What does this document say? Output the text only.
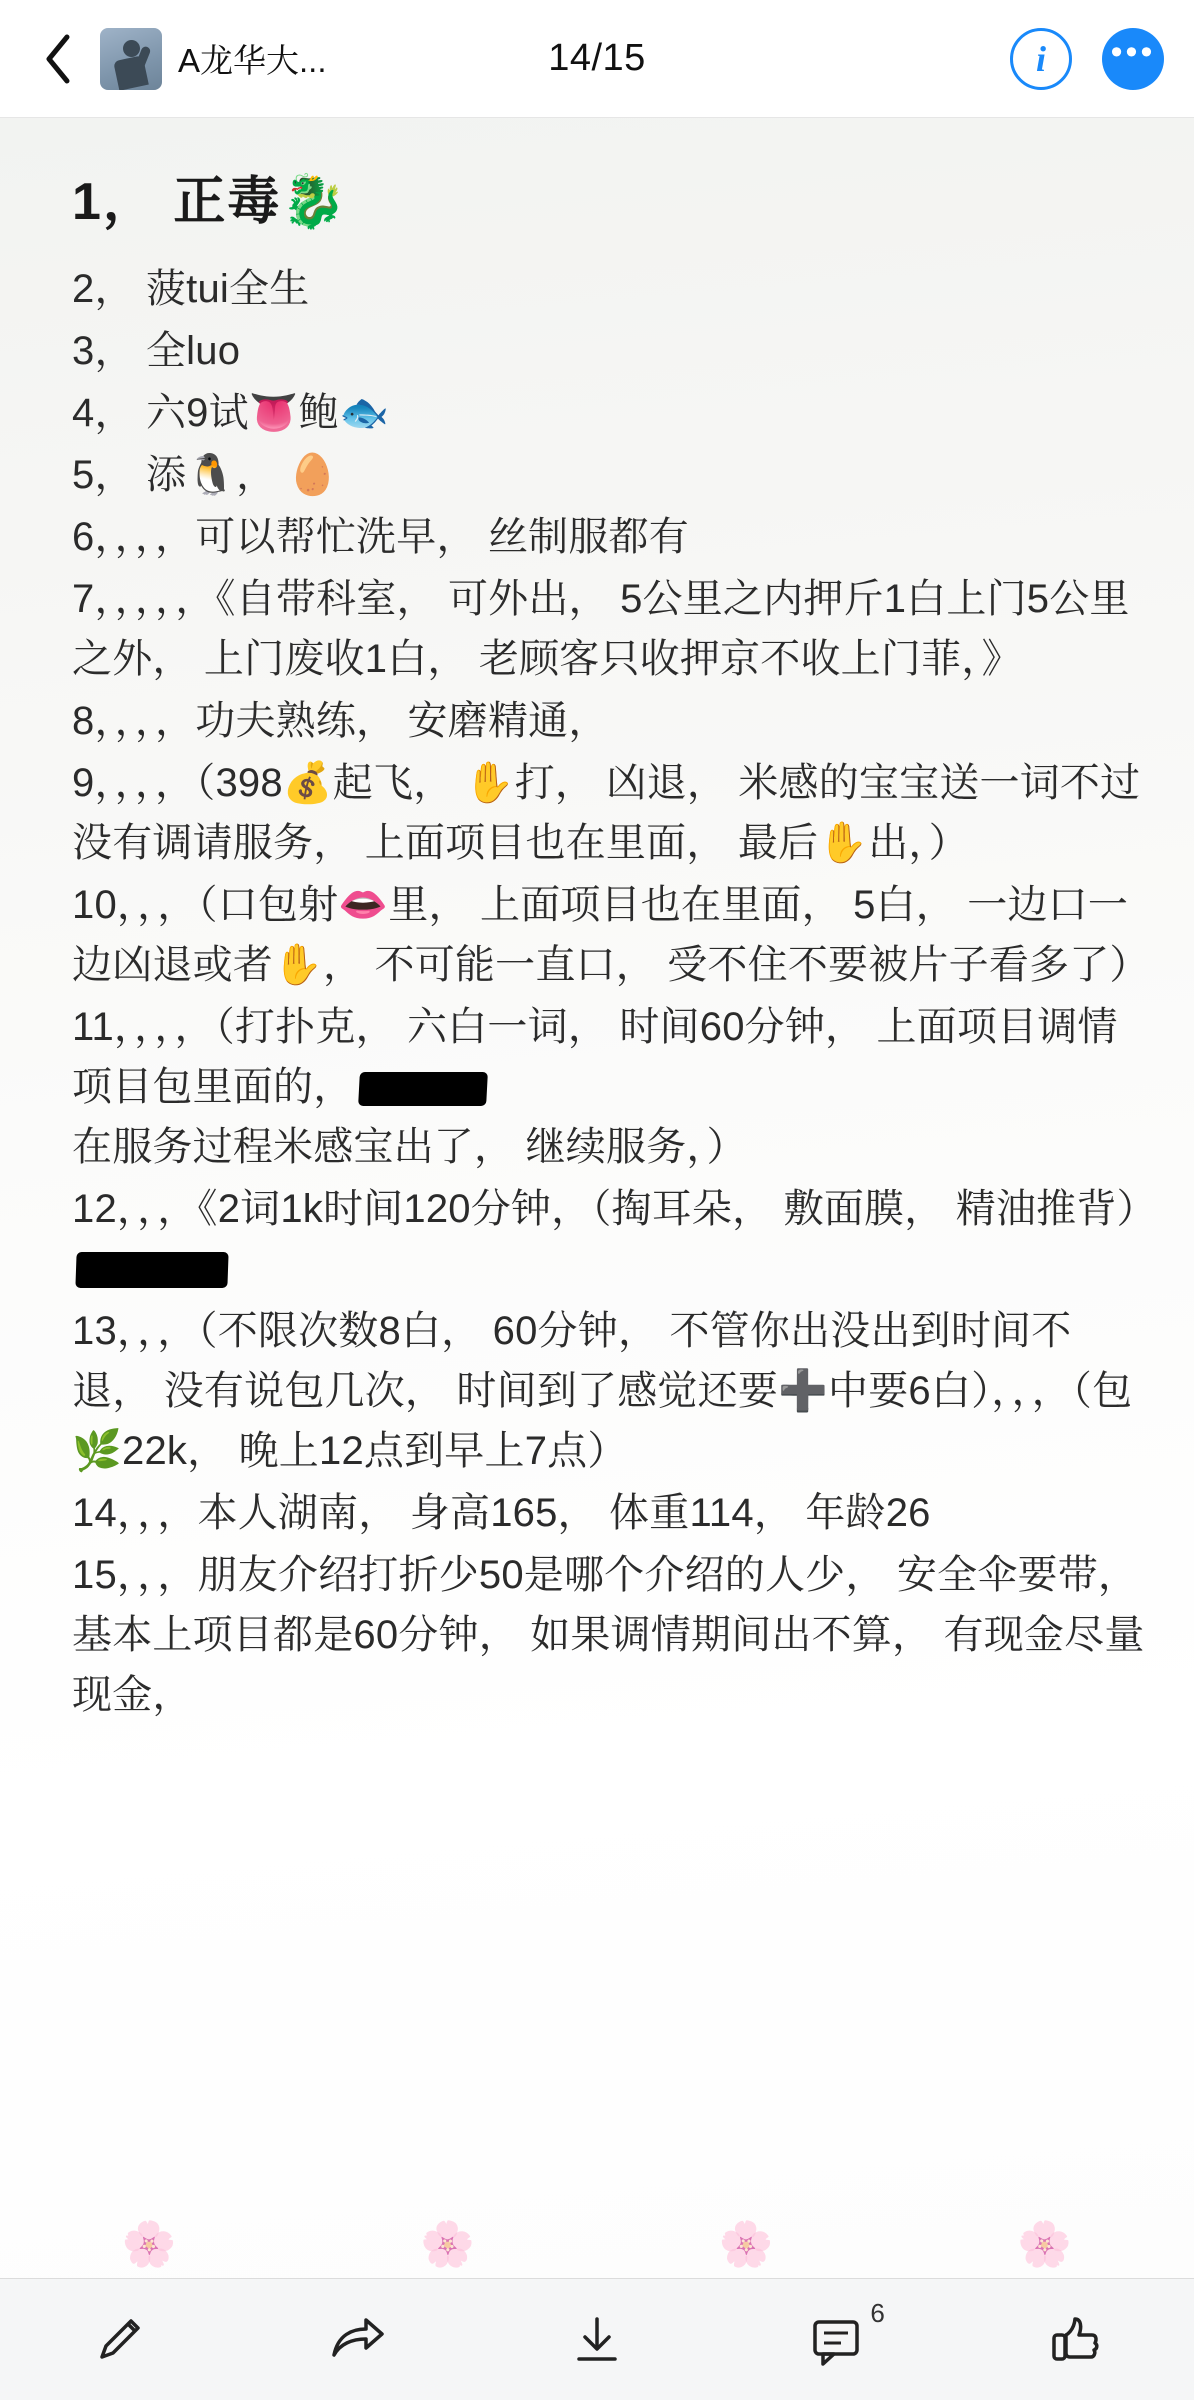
A龙华大...	14/15	i •••
1， 正毒🐉

2， 菠tui全生

3， 全luo

4， 六9试👅鲍🐟

5， 添🐧， 🥚

6，，，，可以帮忙洗早， 丝制服都有

7，，，，，《自带科室， 可外出， 5公里之内押斤1白上门5公里之外， 上门废收1白， 老顾客只收押京不收上门菲，》

8，，，，功夫熟练， 安磨精通，

9，，，，（398💰起飞， ✋打， 凶退， 米感的宝宝送一词不过没有调请服务， 上面项目也在里面， 最后✋出，）

10，，，（口包射👄里， 上面项目也在里面， 5白， 一边口一边凶退或者✋， 不可能一直口， 受不住不要被片子看多了）

11，，，，（打扑克， 六白一词， 时间60分钟， 上面项目调情项目包里面的，在服务过程米感宝出了， 继续服务，）

12，，，《2词1k时间120分钟，（掏耳朵， 敷面膜， 精油推背）

13，，，（不限次数8白， 60分钟， 不管你出没出到时间不退， 没有说包几次， 时间到了感觉还要➕中要6白），，，（包🌿22k， 晚上12点到早上7点）

14，，，本人湖南， 身高165， 体重114， 年龄26

15，，，朋友介绍打折少50是哪个介绍的人少， 安全伞要带， 基本上项目都是60分钟， 如果调情期间出不算， 有现金尽量现金，

🌸	🌸	🌸	🌸
6
